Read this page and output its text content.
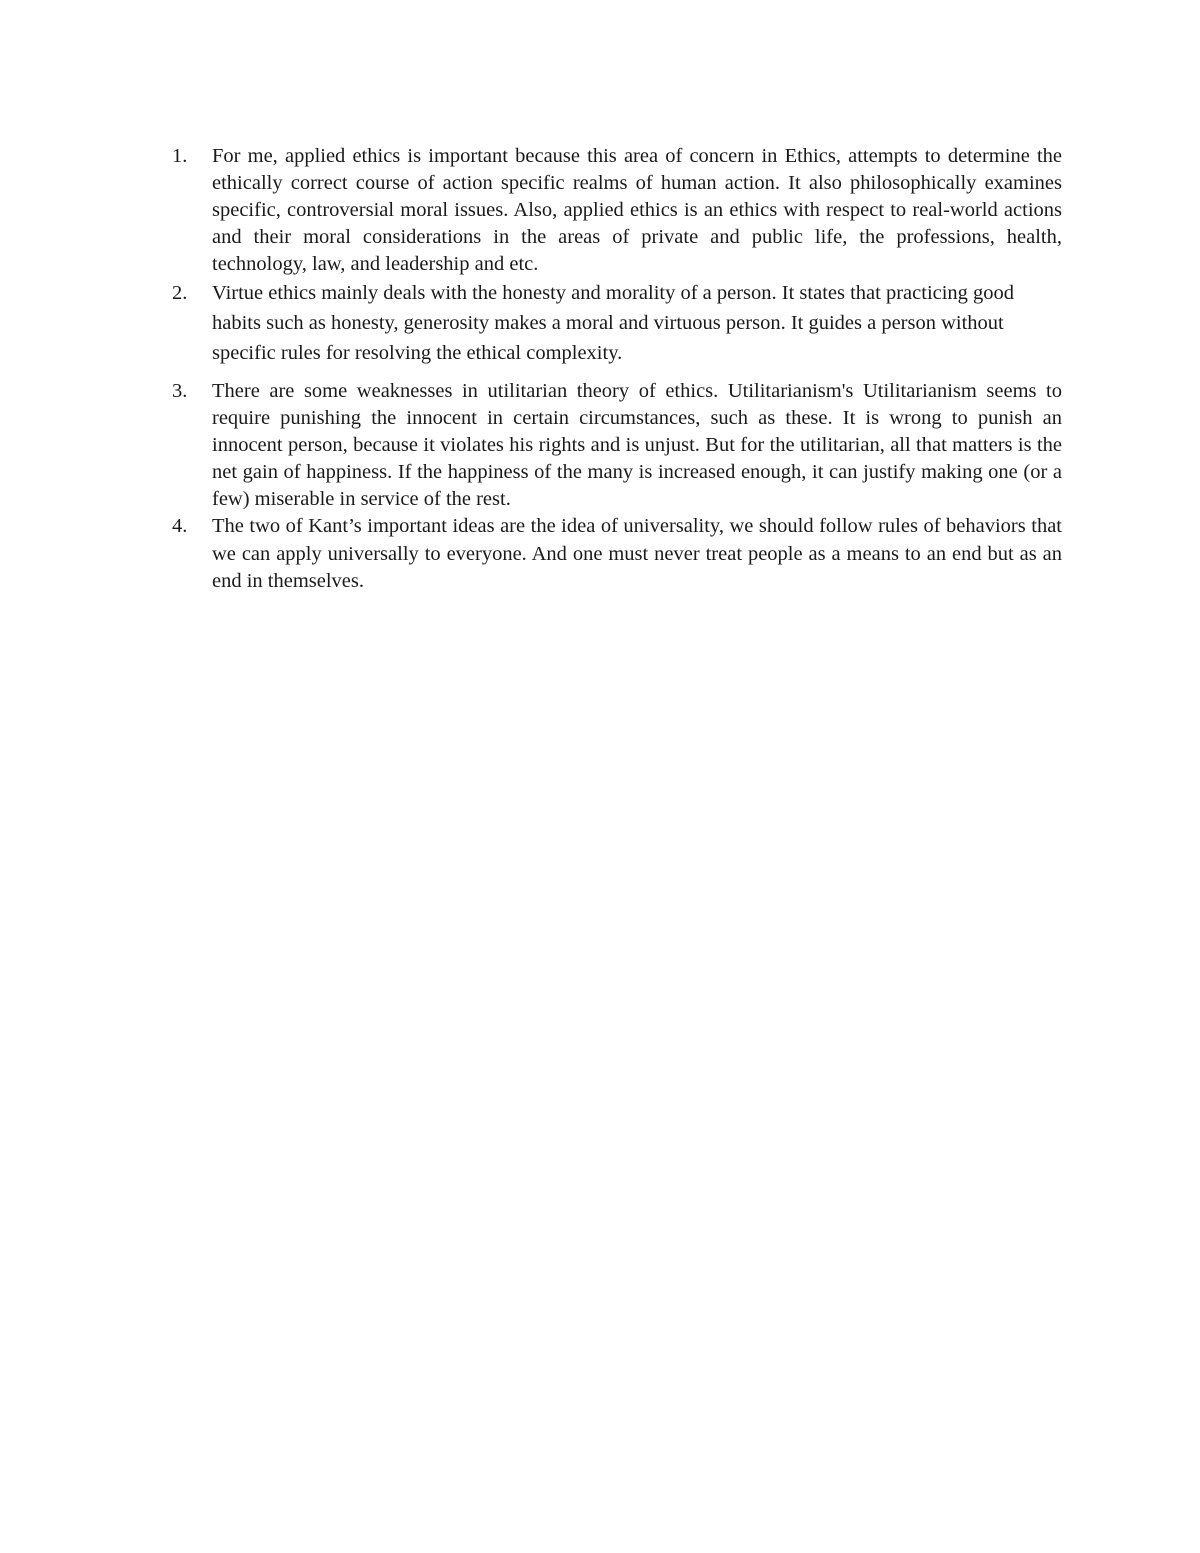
1.	For me, applied ethics is important because this area of concern in Ethics, attempts to determine the ethically correct course of action specific realms of human action. It also philosophically examines specific, controversial moral issues. Also, applied ethics is an ethics with respect to real-world actions and their moral considerations in the areas of private and public life, the professions, health, technology, law, and leadership and etc.
2.	Virtue ethics mainly deals with the honesty and morality of a person. It states that practicing good habits such as honesty, generosity makes a moral and virtuous person. It guides a person without specific rules for resolving the ethical complexity.
3.	There are some weaknesses in utilitarian theory of ethics. Utilitarianism's Utilitarianism seems to require punishing the innocent in certain circumstances, such as these. It is wrong to punish an innocent person, because it violates his rights and is unjust. But for the utilitarian, all that matters is the net gain of happiness. If the happiness of the many is increased enough, it can justify making one (or a few) miserable in service of the rest.
4.	The two of Kant’s important ideas are the idea of universality, we should follow rules of behaviors that we can apply universally to everyone. And one must never treat people as a means to an end but as an end in themselves.
